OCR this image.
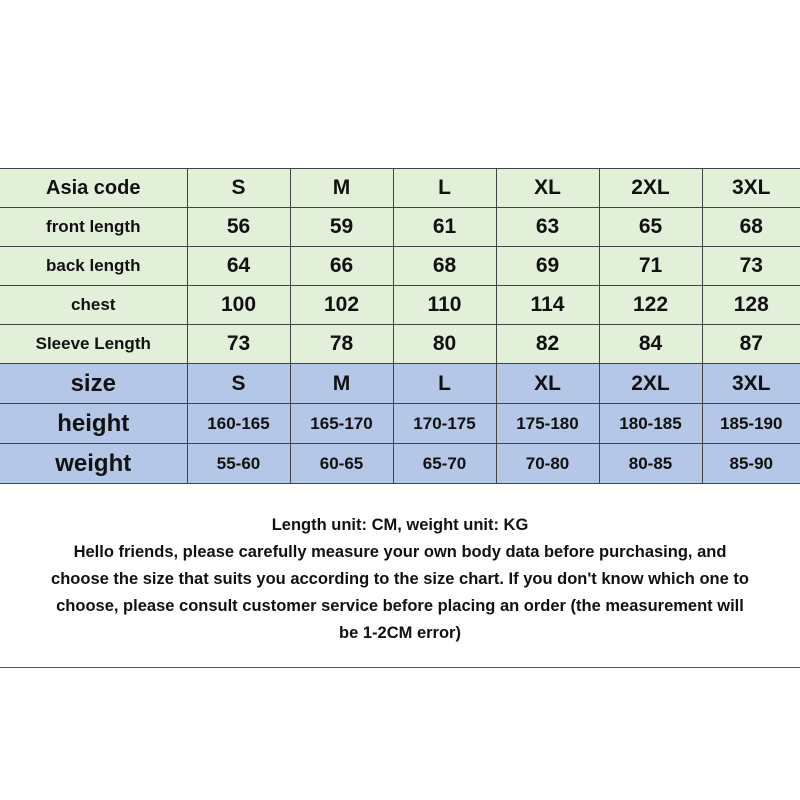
Asia code	S	M	L	XL	2XL	3XL
front length	56	59	61	63	65	68
back length	64	66	68	69	71	73
chest	100	102	110	114	122	128
Sleeve Length	73	78	80	82	84	87
size	S	M	L	XL	2XL	3XL
height	160-165	165-170	170-175	175-180	180-185	185-190
weight	55-60	60-65	65-70	70-80	80-85	85-90
Length unit: CM, weight unit: KG
Hello friends, please carefully measure your own body data before purchasing, and
choose the size that suits you according to the size chart. If you don't know which one to
choose, please consult customer service before placing an order (the measurement will
be 1-2CM error)
